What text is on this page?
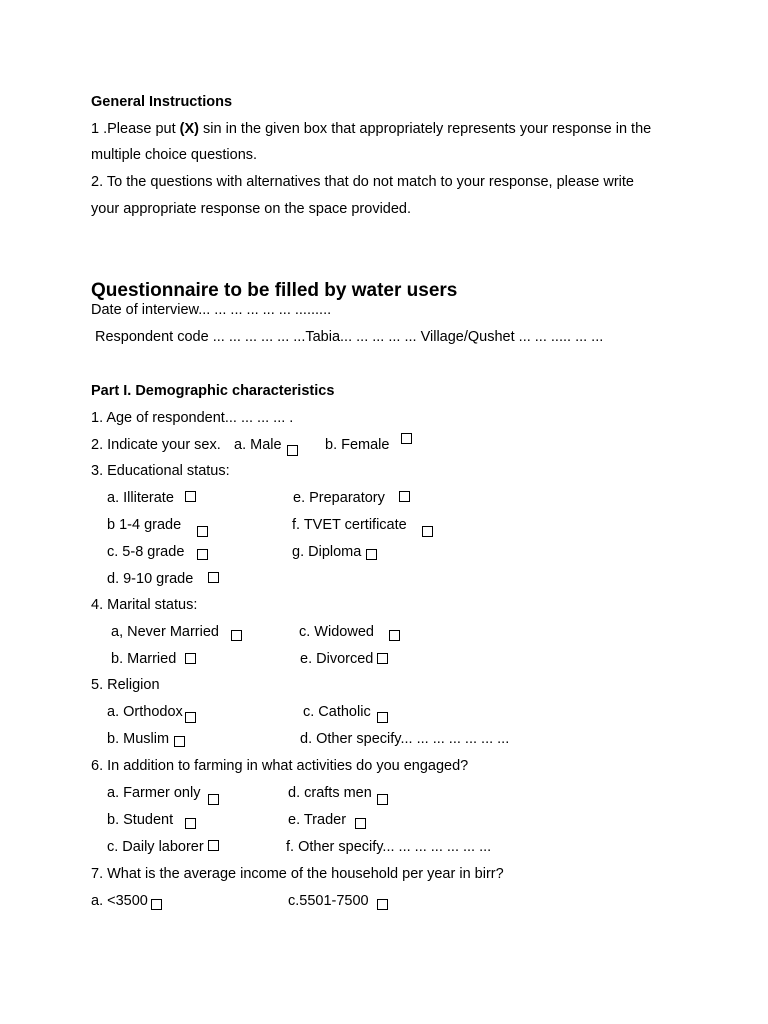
General Instructions
1 .Please put (X) sin in the given box that appropriately represents your response in the
multiple choice questions.
2. To the questions with alternatives that do not match to your response, please write
your appropriate response on the space provided.
Questionnaire to be filled by water users
Date of interview... ... ... ... ... ... .........
Respondent code ... ... ... ... ... ...Tabia... ... ... ... ... Village/Qushet ... ... ..... ... ...
Part I. Demographic characteristics
1. Age of respondent... ... ... ... .
2. Indicate your sex. a. Male	b. Female
3. Educational status:
a. Illiterate	e. Preparatory
b 1-4 grade	f. TVET certificate
c. 5-8 grade	g. Diploma
d. 9-10 grade
4. Marital status:
a, Never Married	c. Widowed
b. Married	e. Divorced
5. Religion
a. Orthodox	c. Catholic
b. Muslim	d. Other specify... ... ... ... ... ... ...
6. In addition to farming in what activities do you engaged?
a. Farmer only	d. crafts men
b. Student	e. Trader
c. Daily laborer	f. Other specify... ... ... ... ... ... ...
7. What is the average income of the household per year in birr?
a. <3500	c.5501-7500
